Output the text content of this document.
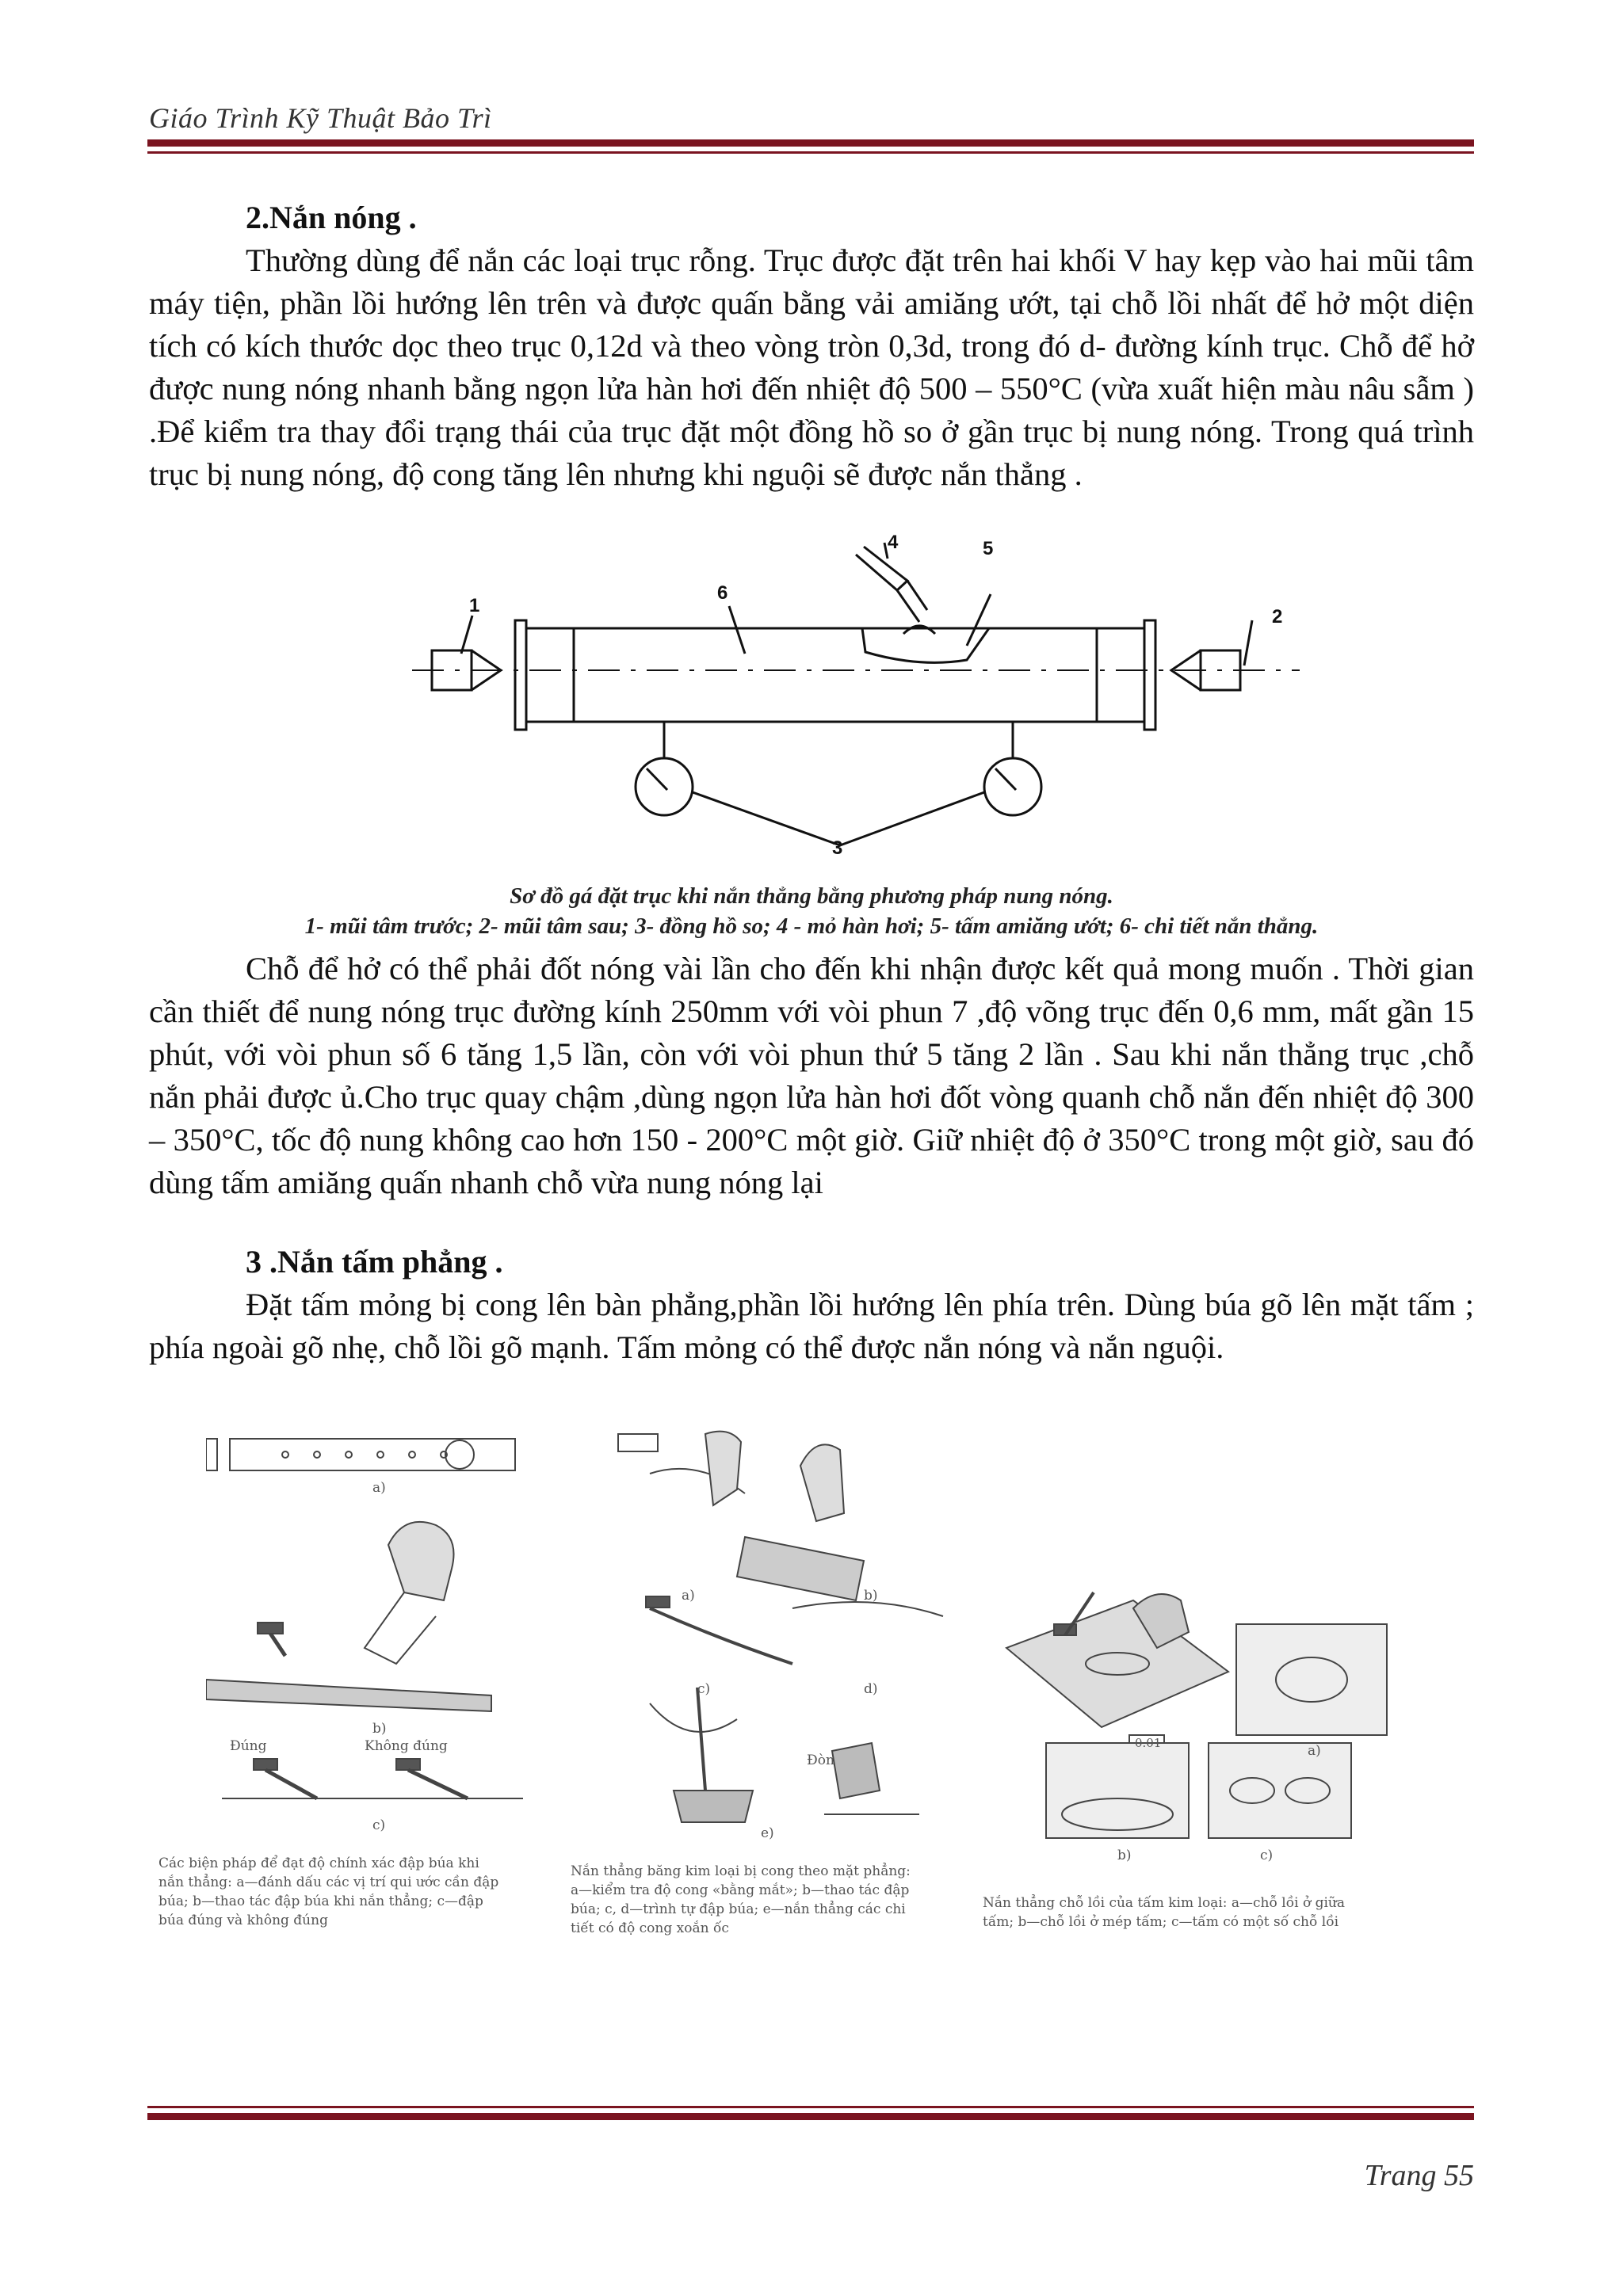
Giáo Trình Kỹ Thuật Bảo Trì

2.Nắn nóng .

Thường dùng để nắn các loại trục rỗng. Trục được đặt trên hai khối V hay kẹp vào hai mũi tâm máy tiện, phần lồi hướng lên trên và được quấn bằng vải amiăng ướt, tại chỗ lồi nhất để hở một diện tích có kích thước dọc theo trục 0,12d và theo vòng tròn 0,3d, trong đó d- đường kính trục. Chỗ để hở được nung nóng nhanh bằng ngọn lửa hàn hơi đến nhiệt độ 500 – 550°C (vừa xuất hiện màu nâu sẫm ) .Để kiểm tra thay đổi trạng thái của trục đặt một đồng hồ so ở gần trục bị nung nóng. Trong quá trình trục bị nung nóng, độ cong tăng lên nhưng khi nguội sẽ được nắn thẳng .

1
2
3
4	5
6
Sơ đồ gá đặt trục khi nắn thẳng bằng phương pháp nung nóng.
1- mũi tâm trước; 2- mũi tâm sau; 3- đồng hồ so; 4 - mỏ hàn hơi; 5- tấm amiăng ướt; 6- chi tiết nắn thẳng.

Chỗ để hở có thể phải đốt nóng vài lần cho đến khi nhận được kết quả mong muốn . Thời gian cần thiết để nung nóng trục đường kính 250mm với vòi phun 7 ,độ võng trục đến 0,6 mm, mất gần 15 phút, với vòi phun số 6 tăng 1,5 lần, còn với vòi phun thứ 5 tăng 2 lần . Sau khi nắn thẳng trục ,chỗ nắn phải được ủ.Cho trục quay chậm ,dùng ngọn lửa hàn hơi đốt vòng quanh chỗ nắn đến nhiệt độ 300 – 350°C, tốc độ nung không cao hơn 150 - 200°C một giờ. Giữ nhiệt độ ở 350°C trong một giờ, sau đó dùng tấm amiăng quấn nhanh chỗ vừa nung nóng lại

3 .Nắn tấm phẳng .

Đặt tấm mỏng bị cong lên bàn phẳng,phần lồi hướng lên phía trên. Dùng búa gõ lên mặt tấm ; phía ngoài gõ nhẹ, chỗ lồi gõ mạnh. Tấm mỏng có thể được nắn nóng và nắn nguội.

a)
b)
c)
Đúng	Không đúng
Các biện pháp để đạt độ chính xác đập búa khi nắn thẳng: a—đánh dấu các vị trí qui ước cần đập búa; b—thao tác đập búa khi nắn thẳng; c—đập búa đúng và không đúng
a)	b)
c)	d)
e)
Đòn
Nắn thẳng băng kim loại bị cong theo mặt phẳng: a—kiểm tra độ cong «bằng mắt»; b—thao tác đập búa; c, d—trình tự đập búa; e—nắn thẳng các chi tiết có độ cong xoắn ốc
a)
b)	c)
0.01
Nắn thẳng chỗ lồi của tấm kim loại: a—chỗ lồi ở giữa tấm; b—chỗ lồi ở mép tấm; c—tấm có một số chỗ lồi
Trang 55
